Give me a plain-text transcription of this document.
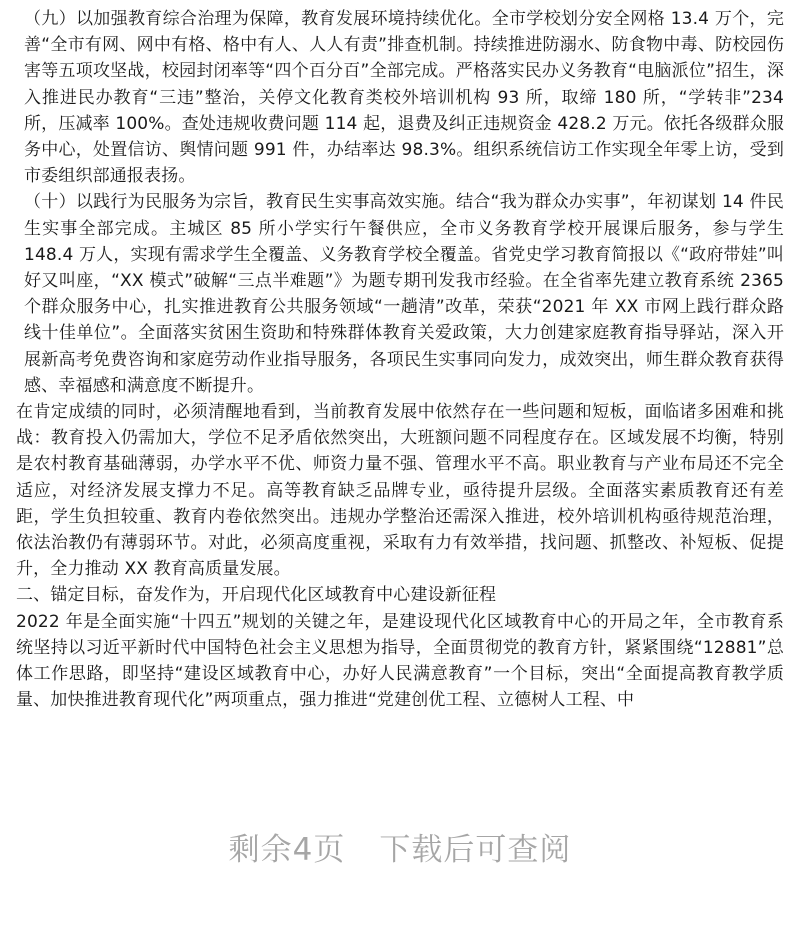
（九）以加强教育综合治理为保障，教育发展环境持续优化。全市学校划分安全网格 13.4 万个，完善“全市有网、网中有格、格中有人、人人有责”排查机制。持续推进防溺水、防食物中毒、防校园伤害等五项攻坚战，校园封闭率等“四个百分百”全部完成。严格落实民办义务教育“电脑派位”招生，深入推进民办教育“三违”整治，关停文化教育类校外培训机构 93 所，取缔 180 所，“学转非”234 所，压减率 100%。查处违规收费问题 114 起，退费及纠正违规资金 428.2 万元。依托各级群众服务中心，处置信访、舆情问题 991 件，办结率达 98.3%。组织系统信访工作实现全年零上访，受到市委组织部通报表扬。

（十）以践行为民服务为宗旨，教育民生实事高效实施。结合“我为群众办实事”，年初谋划 14 件民生实事全部完成。主城区 85 所小学实行午餐供应，全市义务教育学校开展课后服务，参与学生 148.4 万人，实现有需求学生全覆盖、义务教育学校全覆盖。省党史学习教育简报以《“政府带娃”叫好又叫座，“XX 模式”破解“三点半难题”》为题专期刊发我市经验。在全省率先建立教育系统 2365 个群众服务中心，扎实推进教育公共服务领域“一趟清”改革，荣获“2021 年 XX 市网上践行群众路线十佳单位”。全面落实贫困生资助和特殊群体教育关爱政策，大力创建家庭教育指导驿站，深入开展新高考免费咨询和家庭劳动作业指导服务，各项民生实事同向发力，成效突出，师生群众教育获得感、幸福感和满意度不断提升。

在肯定成绩的同时，必须清醒地看到，当前教育发展中依然存在一些问题和短板，面临诸多困难和挑战：教育投入仍需加大，学位不足矛盾依然突出，大班额问题不同程度存在。区域发展不均衡，特别是农村教育基础薄弱，办学水平不优、师资力量不强、管理水平不高。职业教育与产业布局还不完全适应，对经济发展支撑力不足。高等教育缺乏品牌专业，亟待提升层级。全面落实素质教育还有差距，学生负担较重、教育内卷依然突出。违规办学整治还需深入推进，校外培训机构亟待规范治理，依法治教仍有薄弱环节。对此，必须高度重视，采取有力有效举措，找问题、抓整改、补短板、促提升，全力推动 XX 教育高质量发展。

二、锚定目标，奋发作为，开启现代化区域教育中心建设新征程

2022 年是全面实施“十四五”规划的关键之年，是建设现代化区域教育中心的开局之年，全市教育系统坚持以习近平新时代中国特色社会主义思想为指导，全面贯彻党的教育方针，紧紧围绕“12881”总体工作思路，即坚持“建设区域教育中心，办好人民满意教育”一个目标，突出“全面提高教育教学质量、加快推进教育现代化”两项重点，强力推进“党建创优工程、立德树人工程、中

剩余4页 下载后可查阅
